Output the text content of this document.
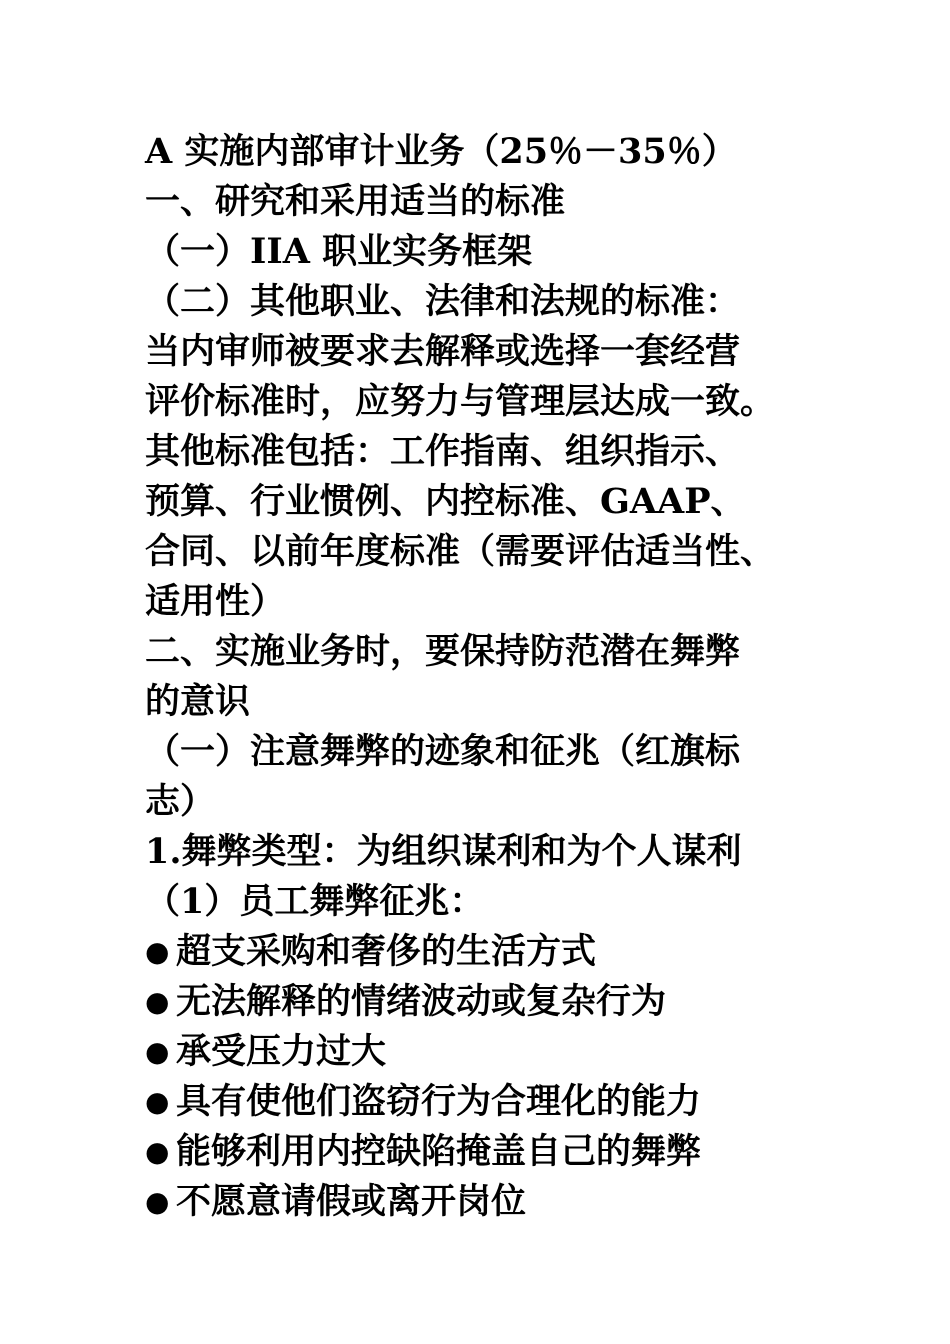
A 实施内部审计业务（25％－35％）
一、研究和采用适当的标准
（一）IIA 职业实务框架
（二）其他职业、法律和法规的标准：
当内审师被要求去解释或选择一套经营
评价标准时，应努力与管理层达成一致。
其他标准包括：工作指南、组织指示、
预算、行业惯例、内控标准、GAAP、
合同、以前年度标准（需要评估适当性、
适用性）
二、实施业务时，要保持防范潜在舞弊
的意识
（一）注意舞弊的迹象和征兆（红旗标
志）
1.舞弊类型：为组织谋利和为个人谋利
（1）员工舞弊征兆：
● 超支采购和奢侈的生活方式
● 无法解释的情绪波动或复杂行为
● 承受压力过大
● 具有使他们盗窃行为合理化的能力
● 能够利用内控缺陷掩盖自己的舞弊
● 不愿意请假或离开岗位
